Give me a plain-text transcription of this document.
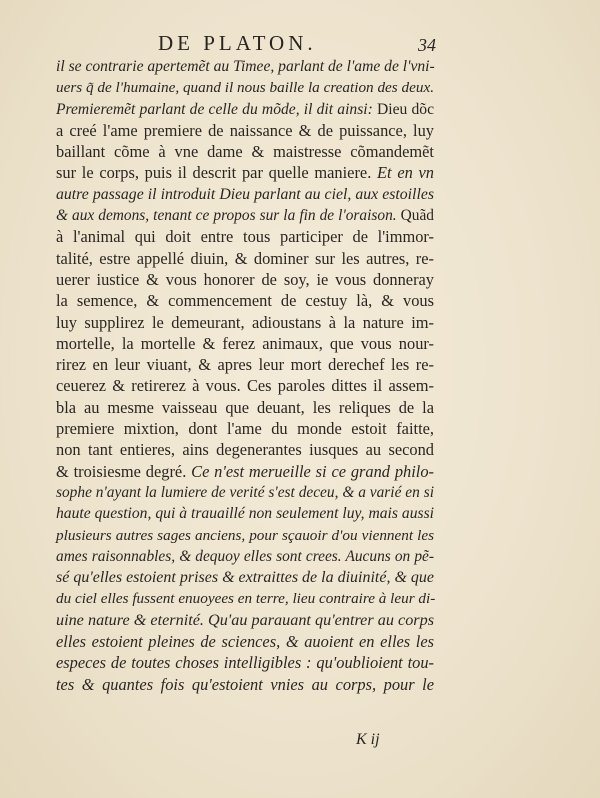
DE PLATON.	34
il se contrarie apertemẽt au Timee, parlant de l'ame de l'vni-
uers q̃ de l'humaine, quand il nous baille la creation des deux.
Premieremẽt parlant de celle du mõde, il dit ainsi: Dieu dõc
a creé l'ame premiere de naissance & de puissance, luy
baillant cõme à vne dame & maistresse cõmandemẽt
sur le corps, puis il descrit par quelle maniere. Et en vn
autre passage il introduit Dieu parlant au ciel, aux estoilles
& aux demons, tenant ce propos sur la fin de l'oraison. Quãd
à l'animal qui doit entre tous participer de l'immor-
talité, estre appellé diuin, & dominer sur les autres, re-
uerer iustice & vous honorer de soy, ie vous donneray
la semence, & commencement de cestuy là, & vous
luy supplirez le demeurant, adioustans à la nature im-
mortelle, la mortelle & ferez animaux, que vous nour-
rirez en leur viuant, & apres leur mort derechef les re-
ceuerez & retirerez à vous. Ces paroles dittes il assem-
bla au mesme vaisseau que deuant, les reliques de la
premiere mixtion, dont l'ame du monde estoit faitte,
non tant entieres, ains degenerantes iusques au second
& troisiesme degré. Ce n'est merueille si ce grand philo-
sophe n'ayant la lumiere de verité s'est deceu, & a varié en si
haute question, qui à trauaillé non seulement luy, mais aussi
plusieurs autres sages anciens, pour sçauoir d'ou viennent les
ames raisonnables, & dequoy elles sont crees. Aucuns on pẽ-
sé qu'elles estoient prises & extraittes de la diuinité, & que
du ciel elles fussent enuoyees en terre, lieu contraire à leur di-
uine nature & eternité. Qu'au parauant qu'entrer au corps
elles estoient pleines de sciences, & auoient en elles les
especes de toutes choses intelligibles : qu'oublioient tou-
tes & quantes fois qu'estoient vnies au corps, pour le
K ij
